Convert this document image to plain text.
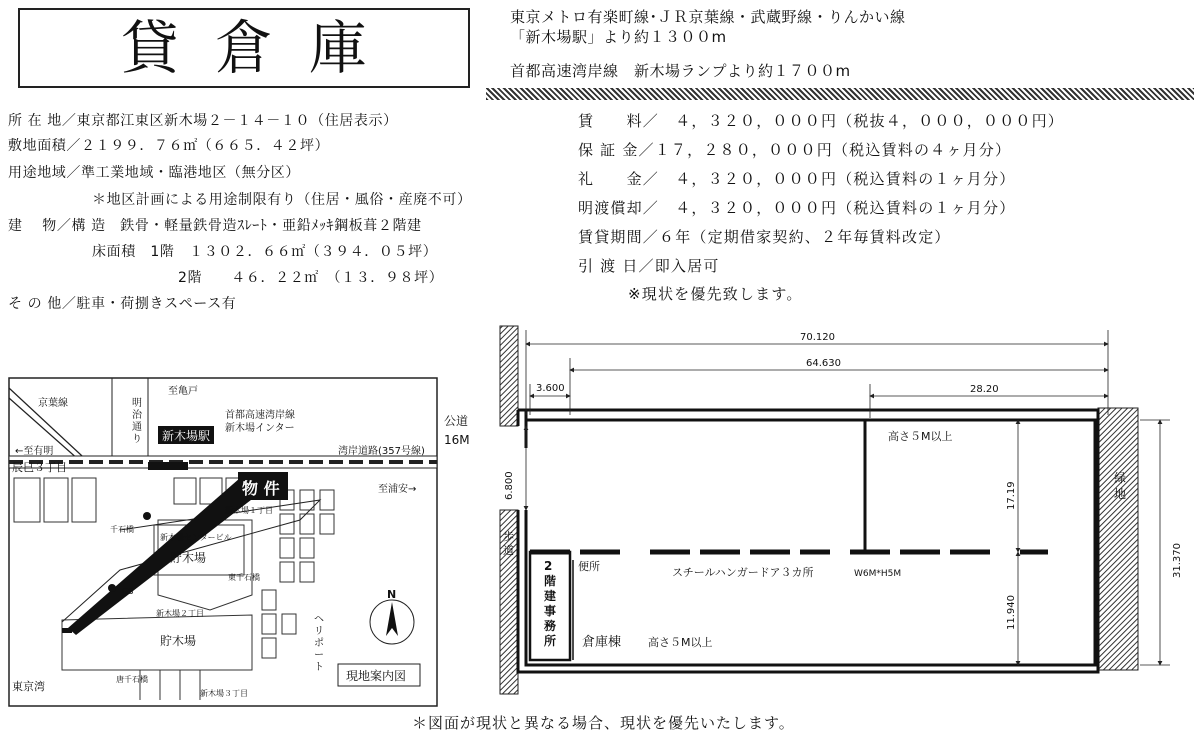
貸倉庫	東京メトロ有楽町線･ＪＲ京葉線・武蔵野線・りんかい線
「新木場駅」より約１３００m
首都高速湾岸線　新木場ランプより約１７００m
所 在 地／東京都江東区新木場２－１４－１０（住居表示）
敷地面積／２１９９．７６㎡（６６５．４２坪）
用途地域／準工業地域・臨港地区（無分区）
＊地区計画による用途制限有り（住居・風俗・産廃不可）
建　 物／構 造　鉄骨・軽量鉄骨造ｽﾚｰﾄ・亜鉛ﾒｯｷ鋼板葺２階建
床面積　1階　１３０２．６６㎡（３９４．０５坪）
2階　　４６．２２㎡　（１３．９８坪）
そ の 他／駐車・荷捌きスペース有
賃　　料／　４，３２０，０００円（税抜４，０００，０００円）
保 証 金／１７，２８０，０００円（税込賃料の４ヶ月分）
礼　　金／　４，３２０，０００円（税込賃料の１ヶ月分）
明渡償却／　４，３２０，０００円（税込賃料の１ヶ月分）
賃貸期間／６年（定期借家契約、２年毎賃料改定）
引 渡 日／即入居可
※現状を優先致します。
京葉線
至亀戸
首都高速湾岸線
新木場インター
←至有明	湾岸道路(357号線)
辰巳３丁目
至浦安→
新木場１丁目
千石橋
新木場センタービル
貯木場
GS
新木場２丁目
貯木場
東京湾
唐千石橋
新木場３丁目
N
現地案内図
新木場駅
物 件
明治通り
東千石橋
ヘリポート
70.120
64.630
3.600	28.20
6.800	17.19
11.940
31.370
公道
16M	高さ５M以上
便所	スチールハンガードア３カ所	W6M*H5M
倉庫棟 高さ５M以上
歩道
緑地
2 階建事務所
＊図面が現状と異なる場合、現状を優先いたします。
